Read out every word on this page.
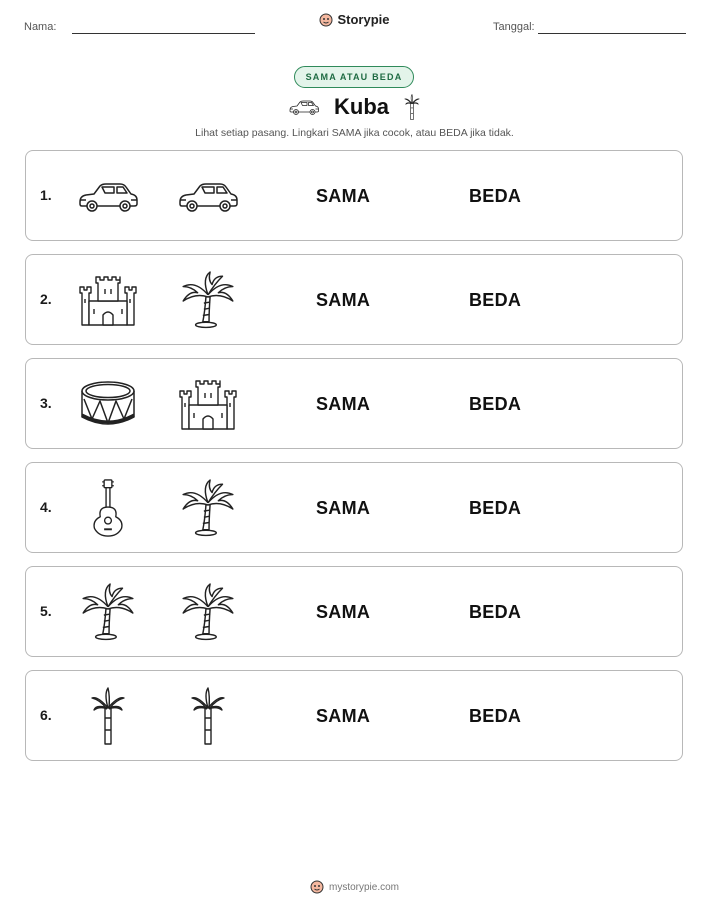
Nama:	Storypie	Tanggal:
SAMA ATAU BEDA
Kuba
Lihat setiap pasang. Lingkari SAMA jika cocok, atau BEDA jika tidak.
1.	SAMA	BEDA
2.	SAMA	BEDA
3.	SAMA	BEDA
4.	SAMA	BEDA
5.	SAMA	BEDA
6.	SAMA	BEDA
mystorypie.com
